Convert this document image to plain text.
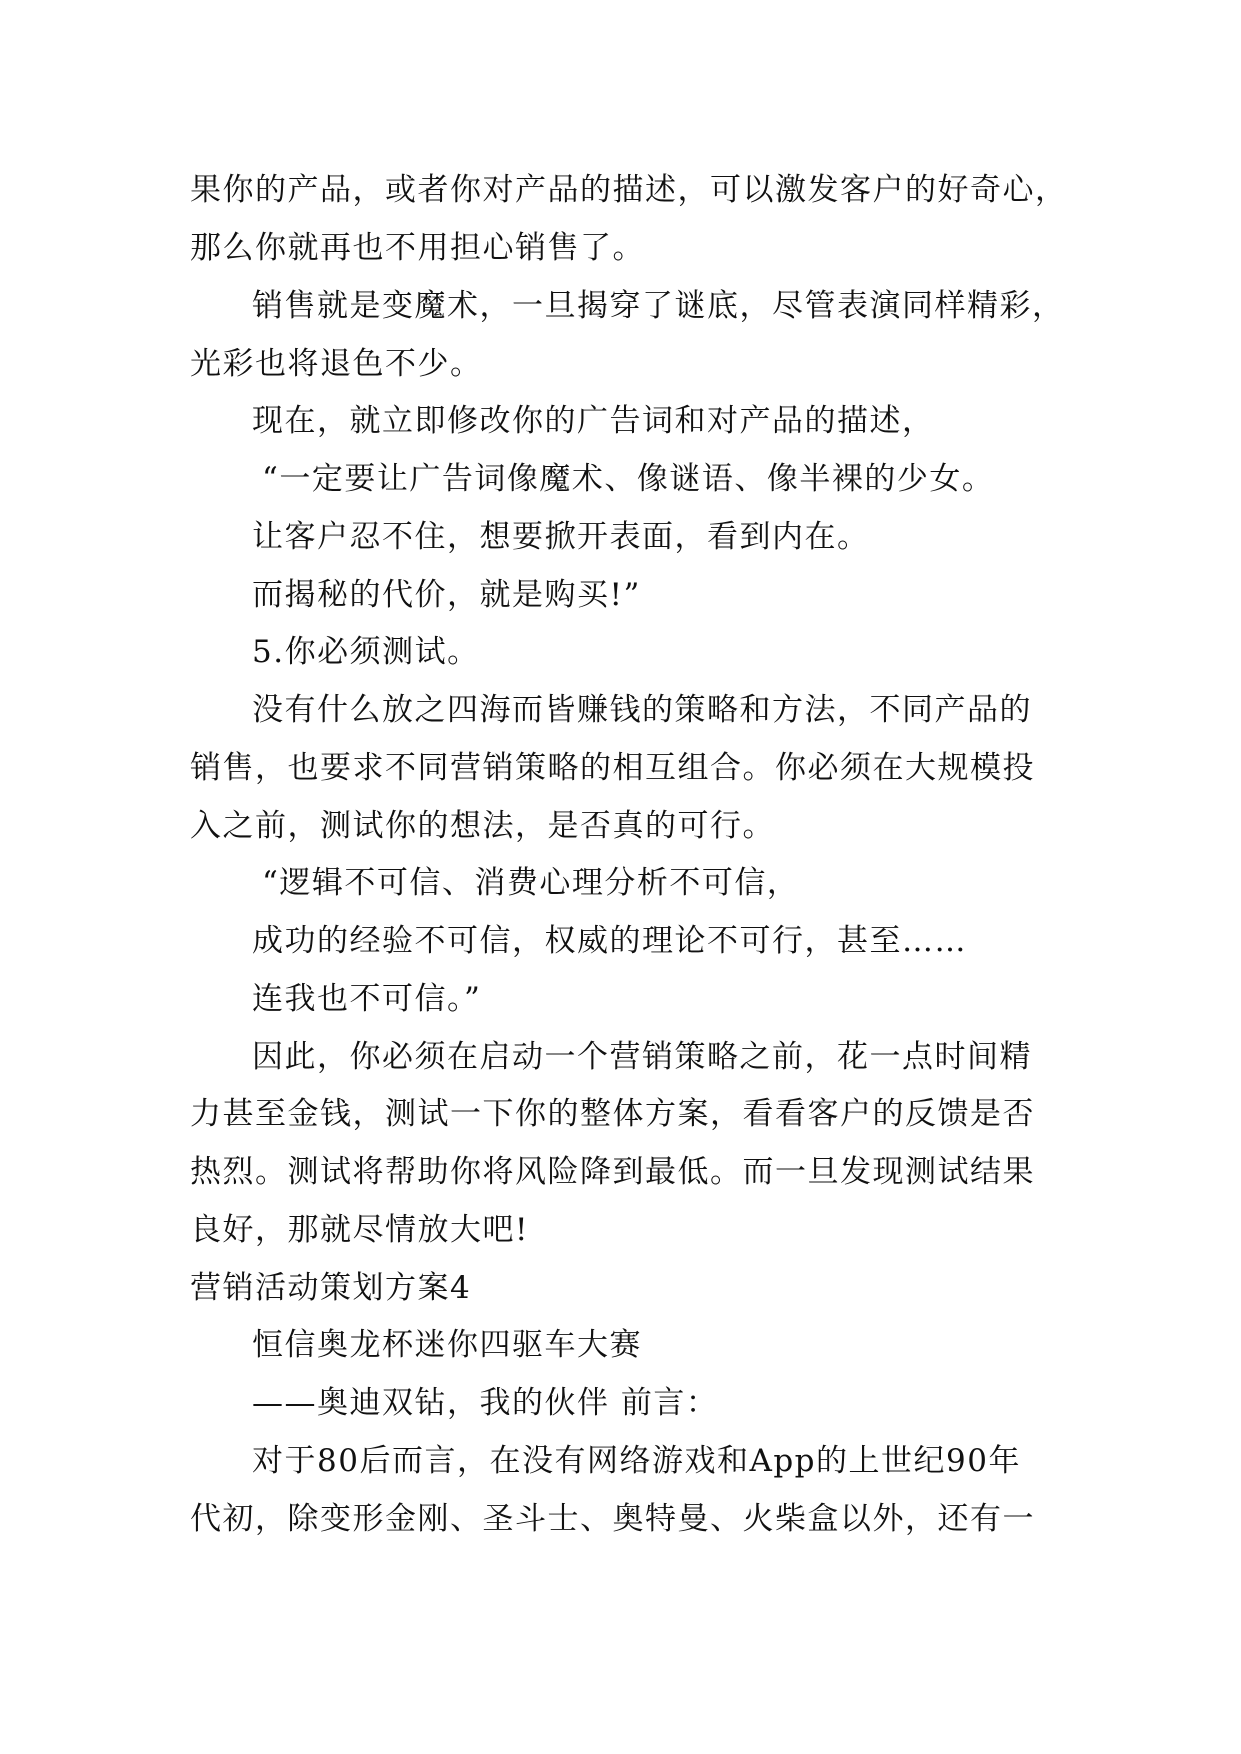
果你的产品，或者你对产品的描述，可以激发客户的好奇心，
那么你就再也不用担心销售了。
销售就是变魔术，一旦揭穿了谜底，尽管表演同样精彩，
光彩也将退色不少。
现在，就立即修改你的广告词和对产品的描述，
“一定要让广告词像魔术、像谜语、像半裸的少女。
让客户忍不住，想要掀开表面，看到内在。
而揭秘的代价，就是购买!”
5.你必须测试。
没有什么放之四海而皆赚钱的策略和方法，不同产品的
销售，也要求不同营销策略的相互组合。你必须在大规模投
入之前，测试你的想法，是否真的可行。
“逻辑不可信、消费心理分析不可信，
成功的经验不可信，权威的理论不可行，甚至……
连我也不可信。”
因此，你必须在启动一个营销策略之前，花一点时间精
力甚至金钱，测试一下你的整体方案，看看客户的反馈是否
热烈。测试将帮助你将风险降到最低。而一旦发现测试结果
良好，那就尽情放大吧!
营销活动策划方案4
恒信奥龙杯迷你四驱车大赛
——奥迪双钻，我的伙伴 前言：
对于80后而言，在没有网络游戏和App的上世纪90年
代初，除变形金刚、圣斗士、奥特曼、火柴盒以外，还有一
